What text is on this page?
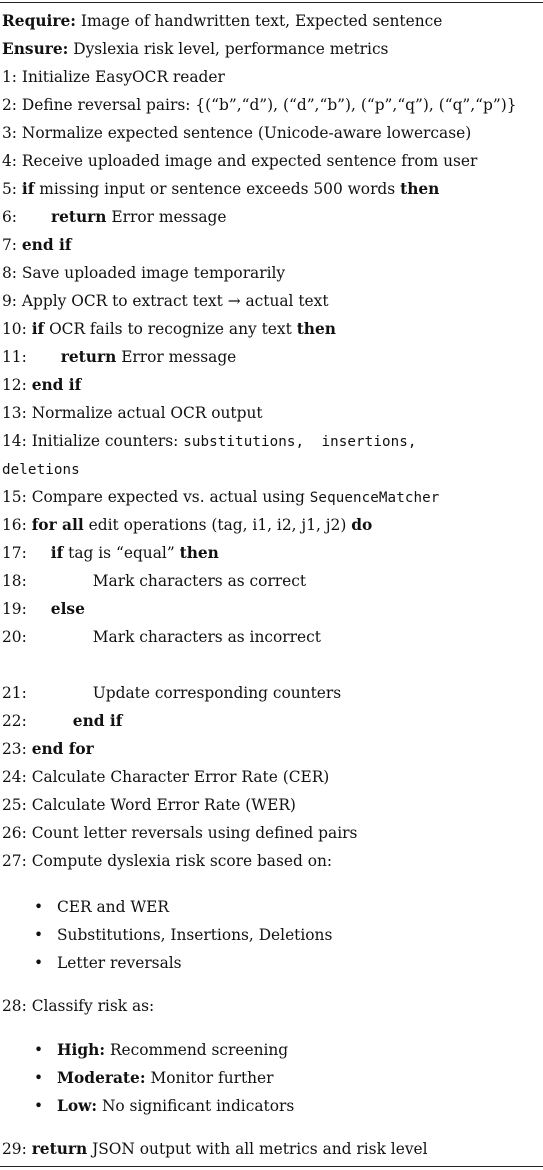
Require: Image of handwritten text, Expected sentence
Ensure: Dyslexia risk level, performance metrics
1: Initialize EasyOCR reader
2: Define reversal pairs: {(“b”,“d”), (“d”,“b”), (“p”,“q”), (“q”,“p”)}
3: Normalize expected sentence (Unicode-aware lowercase)
4: Receive uploaded image and expected sentence from user
5: if missing input or sentence exceeds 500 words then
6: return Error message
7: end if
8: Save uploaded image temporarily
9: Apply OCR to extract text → actual text
10: if OCR fails to recognize any text then
11: return Error message
12: end if
13: Normalize actual OCR output
14: Initialize counters: substitutions,  insertions,
deletions
15: Compare expected vs. actual using SequenceMatcher
16: for all edit operations (tag, i1, i2, j1, j2) do
17: if tag is “equal” then
18:	Mark characters as correct
19: else
20:	Mark characters as incorrect
21:	Update corresponding counters
22:	end if
23: end for
24: Calculate Character Error Rate (CER)
25: Calculate Word Error Rate (WER)
26: Count letter reversals using defined pairs
27: Compute dyslexia risk score based on:
• CER and WER
• Substitutions, Insertions, Deletions
• Letter reversals
28: Classify risk as:
• High: Recommend screening
• Moderate: Monitor further
• Low: No significant indicators
29: return JSON output with all metrics and risk level
